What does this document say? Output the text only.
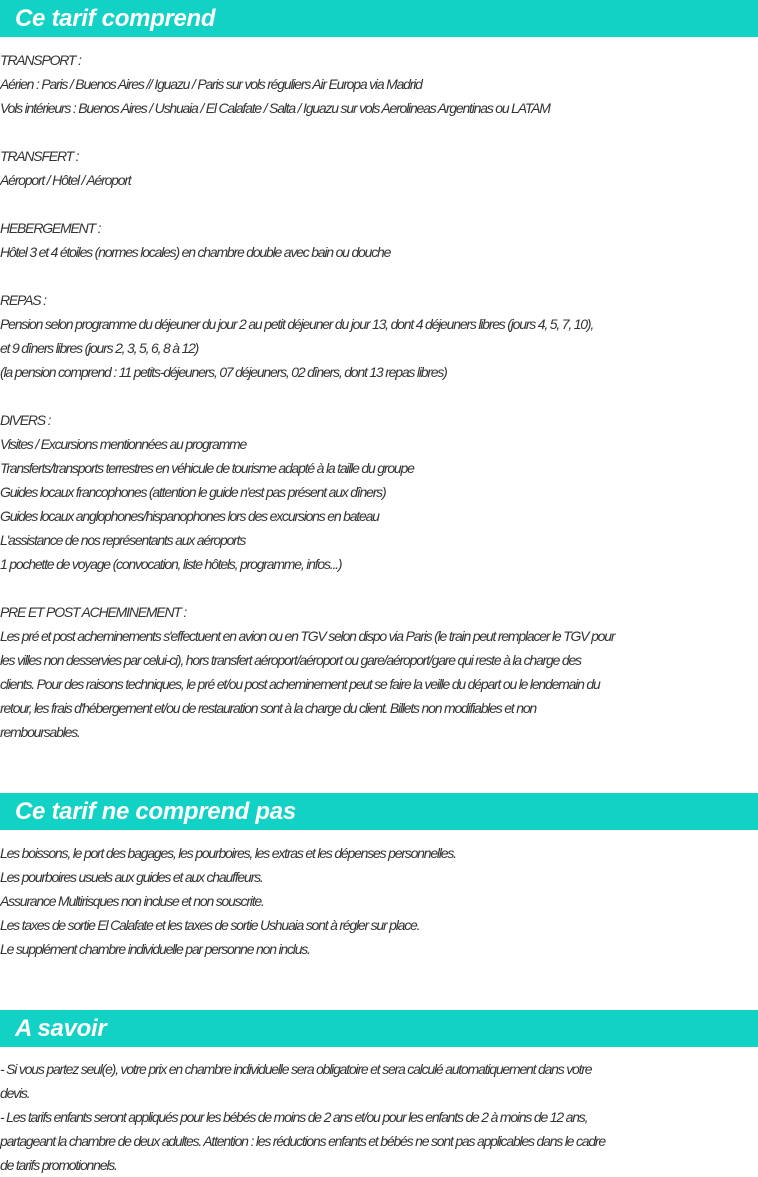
Ce tarif comprend
TRANSPORT :
Aérien : Paris / Buenos Aires // Iguazu / Paris sur vols réguliers Air Europa via Madrid
Vols intérieurs : Buenos Aires / Ushuaia / El Calafate / Salta / Iguazu sur vols Aerolineas Argentinas ou LATAM
TRANSFERT :
Aéroport / Hôtel / Aéroport
HEBERGEMENT :
Hôtel 3 et 4 étoiles (normes locales) en chambre double avec bain ou douche
REPAS :
Pension selon programme du déjeuner du jour 2 au petit déjeuner du jour 13, dont 4 déjeuners libres (jours 4, 5, 7, 10),
et 9 dîners libres (jours 2, 3, 5, 6, 8 à 12)
(la pension comprend : 11 petits-déjeuners, 07 déjeuners, 02 dîners, dont 13 repas libres)
DIVERS :
Visites / Excursions mentionnées au programme
Transferts/transports terrestres en véhicule de tourisme adapté à la taille du groupe
Guides locaux francophones (attention le guide n'est pas présent aux dîners)
Guides locaux anglophones/hispanophones lors des excursions en bateau
L'assistance de nos représentants aux aéroports
1 pochette de voyage (convocation, liste hôtels, programme, infos...)
PRE ET POST ACHEMINEMENT :
Les pré et post acheminements s'effectuent en avion ou en TGV selon dispo via Paris (le train peut remplacer le TGV pour
les villes non desservies par celui-ci), hors transfert aéroport/aéroport ou gare/aéroport/gare qui reste à la charge des
clients. Pour des raisons techniques, le pré et/ou post acheminement peut se faire la veille du départ ou le lendemain du
retour, les frais d'hébergement et/ou de restauration sont à la charge du client. Billets non modifiables et non
remboursables.
Ce tarif ne comprend pas
Les boissons, le port des bagages, les pourboires, les extras et les dépenses personnelles.
Les pourboires usuels aux guides et aux chauffeurs.
Assurance Multirisques non incluse et non souscrite.
Les taxes de sortie El Calafate et les taxes de sortie Ushuaia sont à régler sur place.
Le supplément chambre individuelle par personne non inclus.
A savoir
- Si vous partez seul(e), votre prix en chambre individuelle sera obligatoire et sera calculé automatiquement dans votre
devis.
- Les tarifs enfants seront appliqués pour les bébés de moins de 2 ans et/ou pour les enfants de 2 à moins de 12 ans,
partageant la chambre de deux adultes. Attention : les réductions enfants et bébés ne sont pas applicables dans le cadre
de tarifs promotionnels.
